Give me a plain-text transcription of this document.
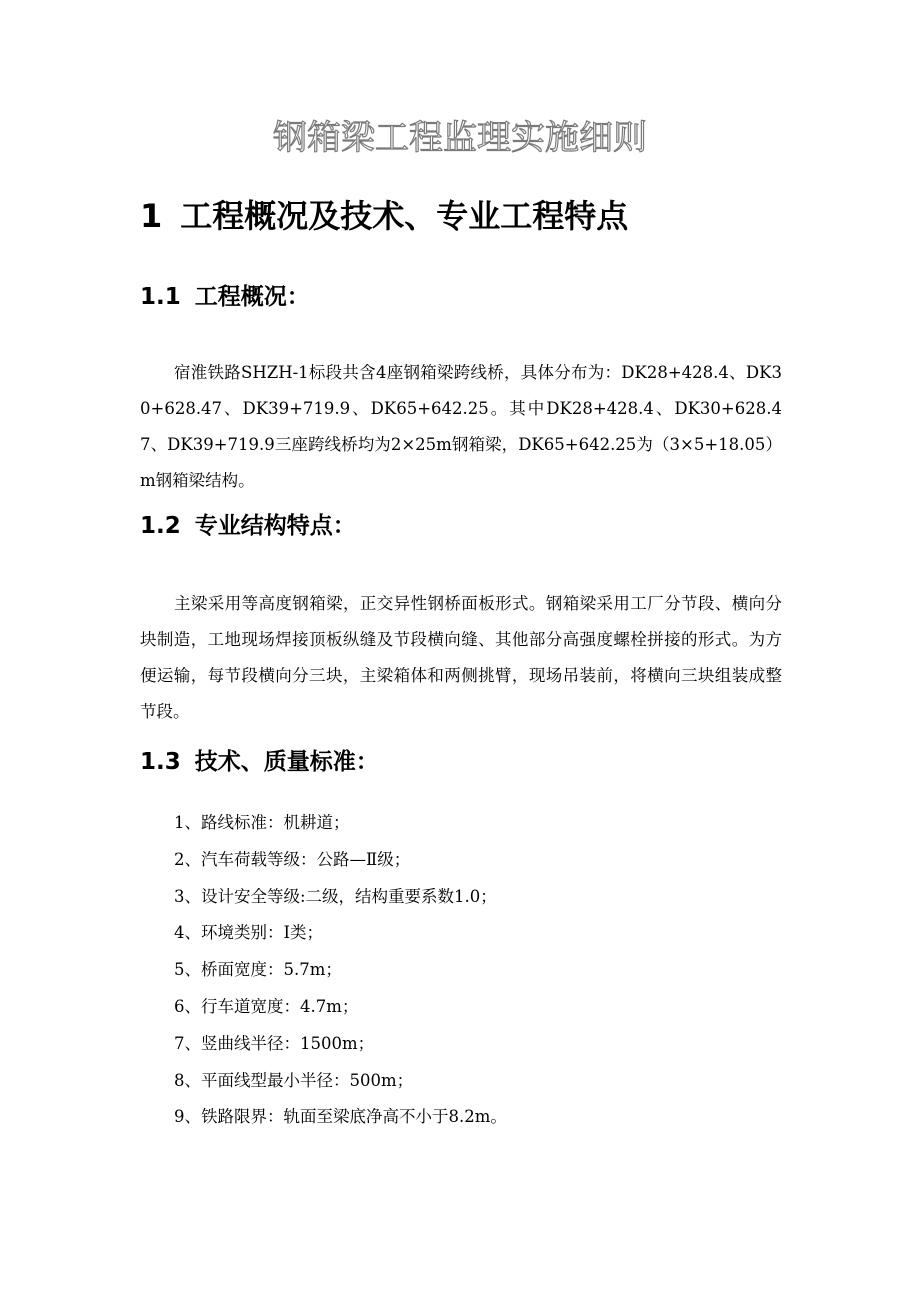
钢箱梁工程监理实施细则
1 工程概况及技术、专业工程特点
1.1 工程概况：

宿淮铁路SHZH-1标段共含4座钢箱梁跨线桥，具体分布为：DK28+428.4、DK30+628.47、DK39+719.9、DK65+642.25。其中DK28+428.4、DK30+628.47、DK39+719.9三座跨线桥均为2×25m钢箱梁，DK65+642.25为（3×5+18.05）m钢箱梁结构。

1.2 专业结构特点：

主梁采用等高度钢箱梁，正交异性钢桥面板形式。钢箱梁采用工厂分节段、横向分块制造，工地现场焊接顶板纵缝及节段横向缝、其他部分高强度螺栓拼接的形式。为方便运输，每节段横向分三块，主梁箱体和两侧挑臂，现场吊装前，将横向三块组装成整节段。

1.3 技术、质量标准：
1、路线标准：机耕道；
2、汽车荷载等级：公路—Ⅱ级；
3、设计安全等级:二级，结构重要系数1.0；
4、环境类别：Ⅰ类；
5、桥面宽度：5.7m；
6、行车道宽度：4.7m；
7、竖曲线半径：1500m；
8、平面线型最小半径：500m；
9、铁路限界：轨面至梁底净高不小于8.2m。
